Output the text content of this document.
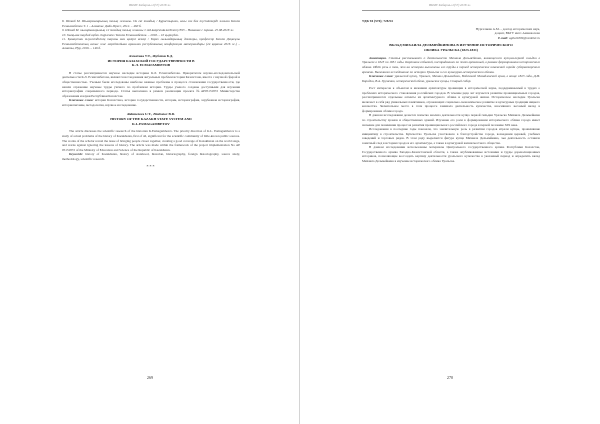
ВКМУ Хабаршы 2(57) 2018 ж.

8. Шокай М. Шығармаларының толық жинағы. Он екі томдық / Құрастырған, алғы сөз бен түсініктерді жазған Кешім Есмағамбетов Т. 1 – Алматы: Дайк-Пресс, 2012. – 460 б.

9. Шокай М. шығармаларының 12 томдық толық жинағы // old.kazpravda.kz/history/393 – Название с экрана. 25.08.2018 ж.

10. Халқыма таудай еңбек сіңіргенім / Кешім Есмағамбетов. – 2018. – 10 қыркүйек.

11. Қазақстан тәуелсіздігінің тарихы мен қазіргі кезеңі / Тарих ғылымдарының докторы, профессор Кешім Деңкеұлы Есмағамбетовтың алпыс жас мерейтойына арналған республикалық конференция материалдары (24 қараша 2016 ж.) – Алматы, Нур, 2016. – 146 б.

Ахметова У.Т., Жубатов Б.Д.

ИСТОРИЯ КАЗАХСКОЙ ГОСУДАРСТВЕННОСТИ В

К.Л. ЕСМАГАМБЕТОВ

В статье рассматривается научное наследие историка К.Л. Есмагамбетова. Приоритетом научно-исследовательской деятельности К.Л. Есмагамбетова, являются исследования актуальных проблем истории Казахстана, вместе с научной сферой и общественностью. Ученым были исследованы наиболее важные проблемы в процессе становления государственности, где нашли отражение научные труды учёного по проблемам истории. Труды ученого созданы доступными для изучения историографии современного периода. Статья выполнена в рамках реализации проекта №AP05131872 Министерства образования и науки Республики Казахстан.

Ключевые слова: история Казахстана, история государственности, историк, историография, зарубежная историография, историописание, методология, научное исследование.

Akhmetova U.T., Zhubatov B.D.

HISTORY OF THE KAZAKH STATE SYSTEM AND

K.L.ESMAGAMBETOV

The article discusses the scientific research of the historian K.Esmagambetov. The priority direction of K.L. Esmagambetov is a study of actual problems of the history of Kazakhstan, first of all, significant for the scientific community of little-known public sources. The works of the scholar reveal the issue of bringing people closer together, creating a good coverage of Kazakhstan on the world stage, and warns against ignoring the lessons of history. The article was made within the framework of the project implementation No AP 05131872 of the Ministry of Education and Science of the Republic of Kazakhstan.

Keywords: history of Kazakhstan, history of statehood, historian, historiography, foreign historiography, source study, methodology, scientific research.

***

269
ВКМУ Хабаршы 2(57) 2018 ж.

УДК 94 (574); 728.94

Нургалиева А.М. – доктор исторических наук,

доцент, ВКГУ им.С.Аманжолова

E-mail: agilal1809@rambler.ru

ВКЛАД МИХАИЛА ДЕЛЬМЕЙКИНОВА В ИЗУЧЕНИЕ ИСТОРИЧЕСКОГО

ОБЛИКА УРАЛЬСКА (1823-1831)

Аннотация. Статья рассказывает о деятельности Михаила Дельмейкина, являющегося купцом-первой гильдии в Уральске в 1823 по 1831 годы. Картинки событий, пострадавших по этот временный, в рамках формирования исторического облика. Идёт речь о том, что на историю выполнены его труды в период исторических изменений города губернаторского времени. Выполнено исследование по истории Уральска и его культурно-исторического облика.

Ключевые слова: уральский купец, Уральск, Михаил Дельмейкин, Войсковой Михайловский храм, в конце 1823 года, Д.М. Бородин, В.А. Груменко, исторический облик, уральские купцы, Старый собор.

Рост интересов к объектам и явлениям архитектуры провинции в исторической науке, поддерживаемый в трудах о проблемах исторического становления российских городов. В течение ряда лет изучается развитие провинциальных городов, рассматриваются отдельные аспекты их архитектурного облика и культурной жизни. Историческое наследие Уральска включает в себя ряд уникальных памятников, отражающих социально-экономическое развитие и культурные традиции яицкого казачества. Значительное место в этом процессе занимала деятельность купечества, вносившего весомый вклад в формирование облика города.

В данном исследовании делается попытка анализа деятельности купца первой гильдии Уральска Михаила Дельмейкина по строительству храмов и общественных зданий. Изучение его роли в формировании исторического облика города имеет значение для понимания процессов развития провинциального российского города в первой половине XIX века.

Исследования в последние годы показали, что значительную роль в развитии городов играли купцы, проявлявшие инициативу в строительстве. Купечество Уральска участвовало в благоустройстве города, возведении церквей, учебных заведений и торговых рядов. В этом ряду выделяется фигура купца Михаила Дельмейкина, чья деятельность оставила заметный след в истории города и его архитектуре, а также в культурной жизни местного общества.

В данном исследовании использованы материалы Центрального государственного архива Республики Казахстан, Государственного архива Западно-Казахстанской области, а также опубликованные источники и труды дореволюционных историков, позволяющие воссоздать картину деятельности уральского купечества в указанный период и определить вклад Михаила Дельмейкина в изучение исторического облика Уральска.

270
